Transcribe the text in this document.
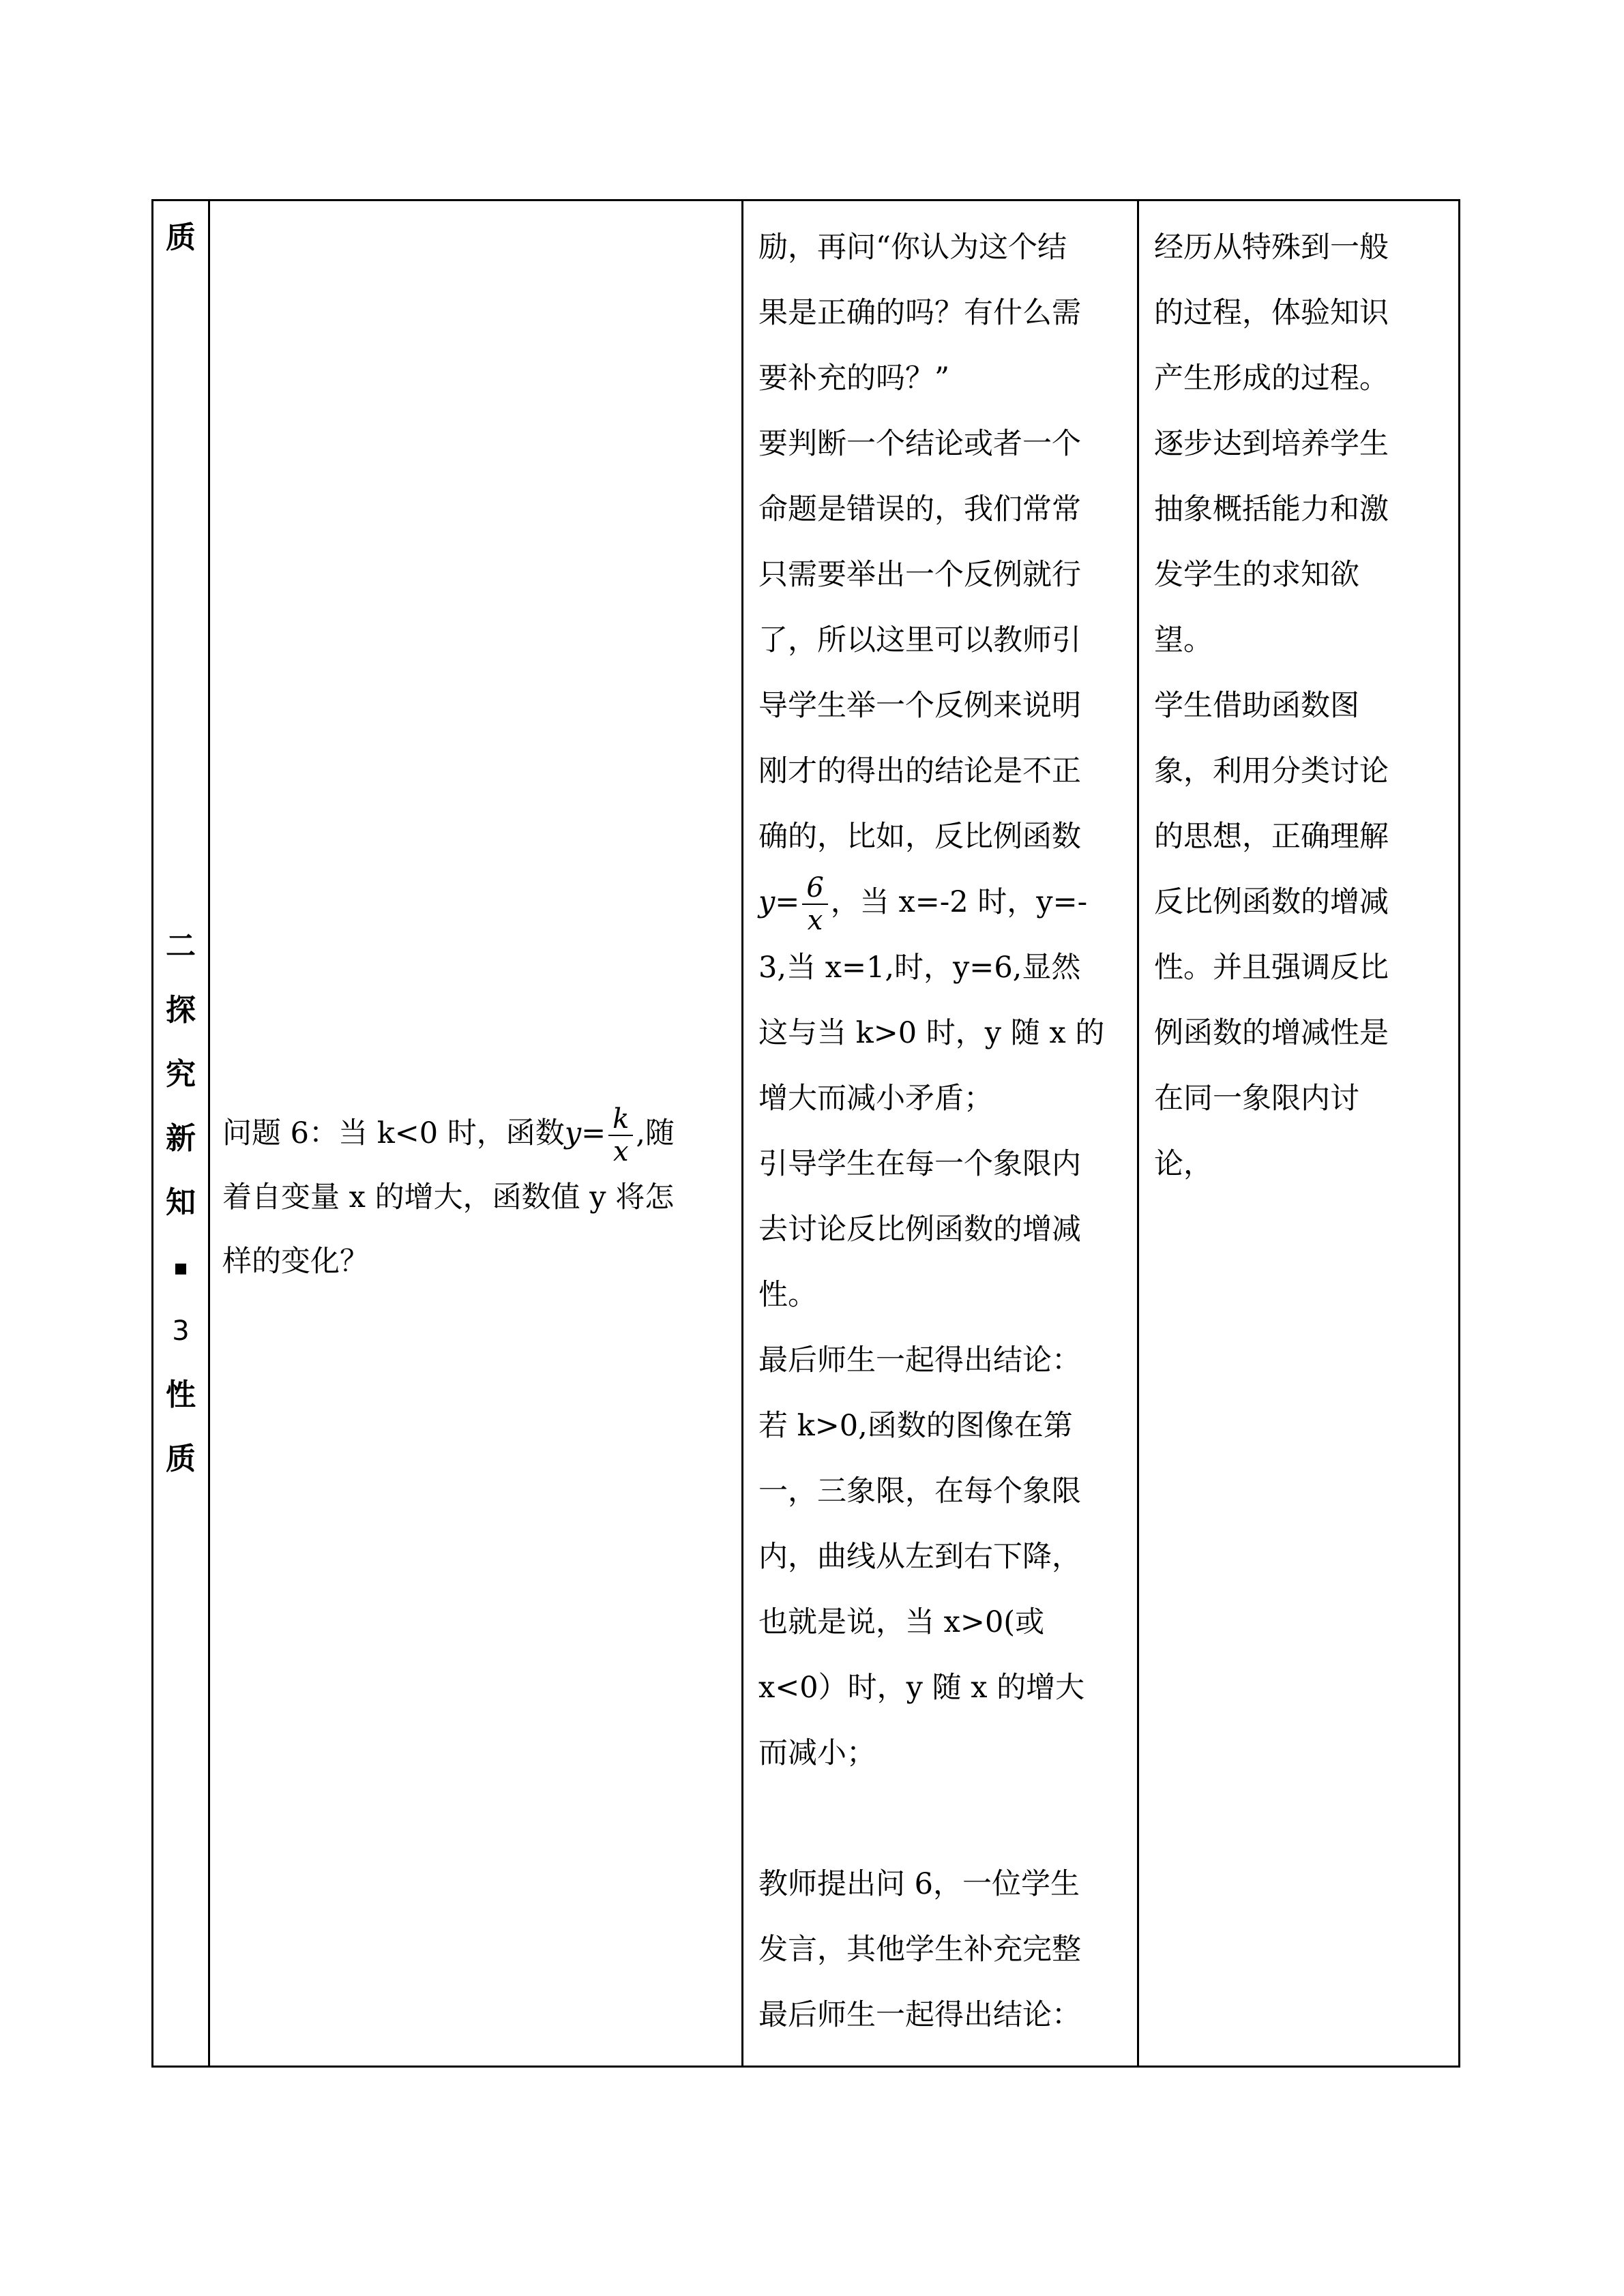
质
二
探
究
新
知
3
性
质

问题 6：当 k<0 时，函数$y= \frac{k}{x}$ ,随
着自变量 x 的增大，函数值 y 将怎
样的变化？

励，再问“你认为这个结
果是正确的吗？有什么需
要补充的吗？”
要判断一个结论或者一个
命题是错误的，我们常常
只需要举出一个反例就行
了，所以这里可以教师引
导学生举一个反例来说明
刚才的得出的结论是不正
确的，比如，反比例函数
$y= \frac{6}{x}$ ，当 x=-2 时，y=-
3,当 x=1,时，y=6,显然
这与当 k>0 时，y 随 x 的
增大而减小矛盾；
引导学生在每一个象限内
去讨论反比例函数的增减
性。
最后师生一起得出结论：
若 k>0,函数的图像在第
一，三象限，在每个象限
内，曲线从左到右下降，
也就是说，当 x>0(或
x<0）时，y 随 x 的增大
而减小；
教师提出问 6，一位学生
发言，其他学生补充完整
最后师生一起得出结论：

经历从特殊到一般
的过程，体验知识
产生形成的过程。
逐步达到培养学生
抽象概括能力和激
发学生的求知欲
望。
学生借助函数图
象，利用分类讨论
的思想，正确理解
反比例函数的增减
性。并且强调反比
例函数的增减性是
在同一象限内讨
论，
